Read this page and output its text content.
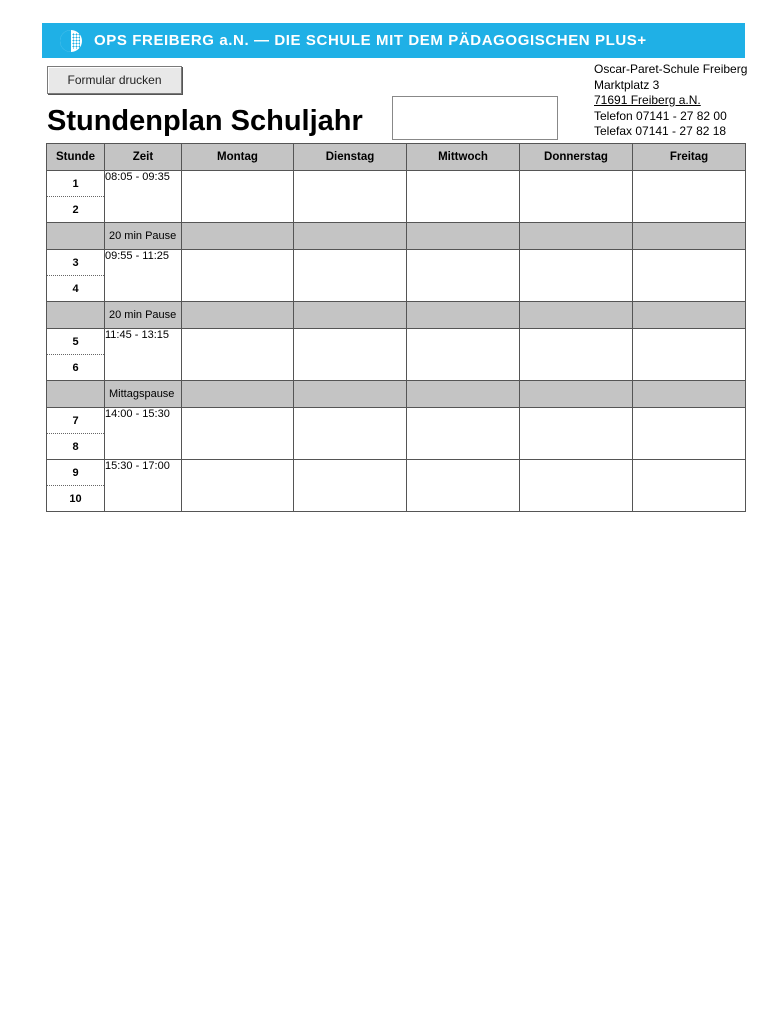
OPS FREIBERG a.N. — DIE SCHULE MIT DEM PÄDAGOGISCHEN PLUS+
Formular drucken
Stundenplan Schuljahr
Oscar-Paret-Schule Freiberg
Marktplatz 3
71691 Freiberg a.N.
Telefon 07141 - 27 82 00
Telefax 07141 - 27 82 18
Stunde	Zeit	Montag	Dienstag	Mittwoch	Donnerstag	Freitag
1	08:05 - 09:35					
2						
	20 min Pause					
3	09:55 - 11:25					
4						
	20 min Pause					
5	11:45 - 13:15					
6						
	Mittagspause					
7	14:00 - 15:30					
8						
9	15:30 - 17:00					
10						
